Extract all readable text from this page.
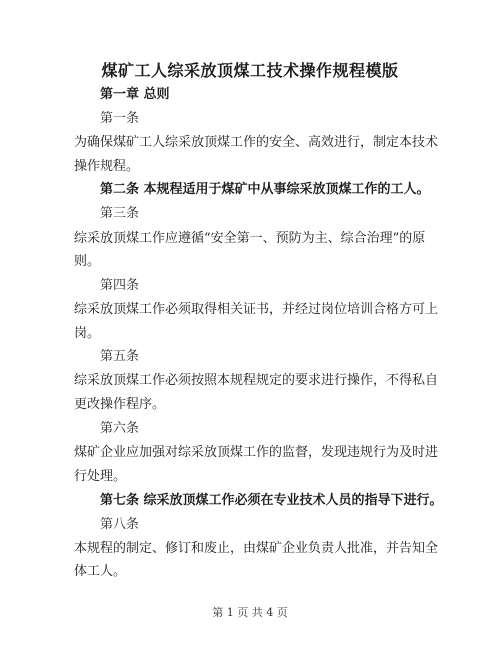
煤矿工人综采放顶煤工技术操作规程模版
第一章 总则
第一条
为确保煤矿工人综采放顶煤工作的安全、高效进行，制定本技术
操作规程。
第二条 本规程适用于煤矿中从事综采放顶煤工作的工人。
第三条
综采放顶煤工作应遵循“安全第一、预防为主、综合治理”的原
则。
第四条
综采放顶煤工作必须取得相关证书，并经过岗位培训合格方可上
岗。
第五条
综采放顶煤工作必须按照本规程规定的要求进行操作，不得私自
更改操作程序。
第六条
煤矿企业应加强对综采放顶煤工作的监督，发现违规行为及时进
行处理。
第七条 综采放顶煤工作必须在专业技术人员的指导下进行。
第八条
本规程的制定、修订和废止，由煤矿企业负责人批准，并告知全
体工人。
第 1 页 共 4 页
